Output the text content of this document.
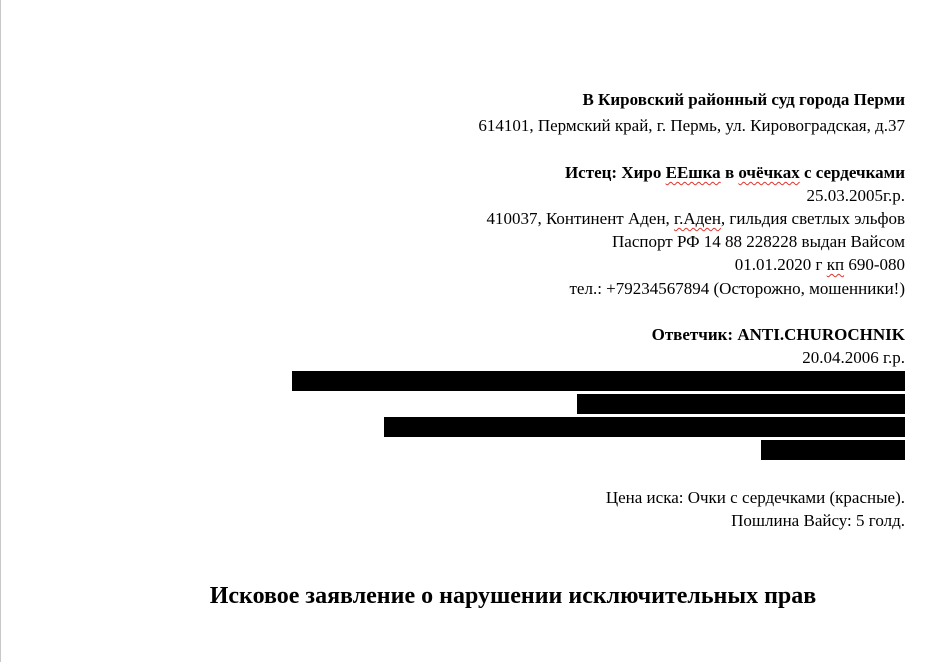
В Кировский районный суд города Перми
614101, Пермский край, г. Пермь, ул. Кировоградская, д.37
Истец: Хиро ЕЕшка в очёчках с сердечками
25.03.2005г.р.
410037, Континент Аден, г.Аден, гильдия светлых эльфов
Паспорт РФ 14 88 228228 выдан Вайсом
01.01.2020 г кп 690-080
тел.: +79234567894 (Осторожно, мошенники!)
Ответчик: ANTI.CHUROCHNIK
20.04.2006 г.р.
Цена иска: Очки с сердечками (красные).
Пошлина Вайсу: 5 голд.
Исковое заявление о нарушении исключительных прав
